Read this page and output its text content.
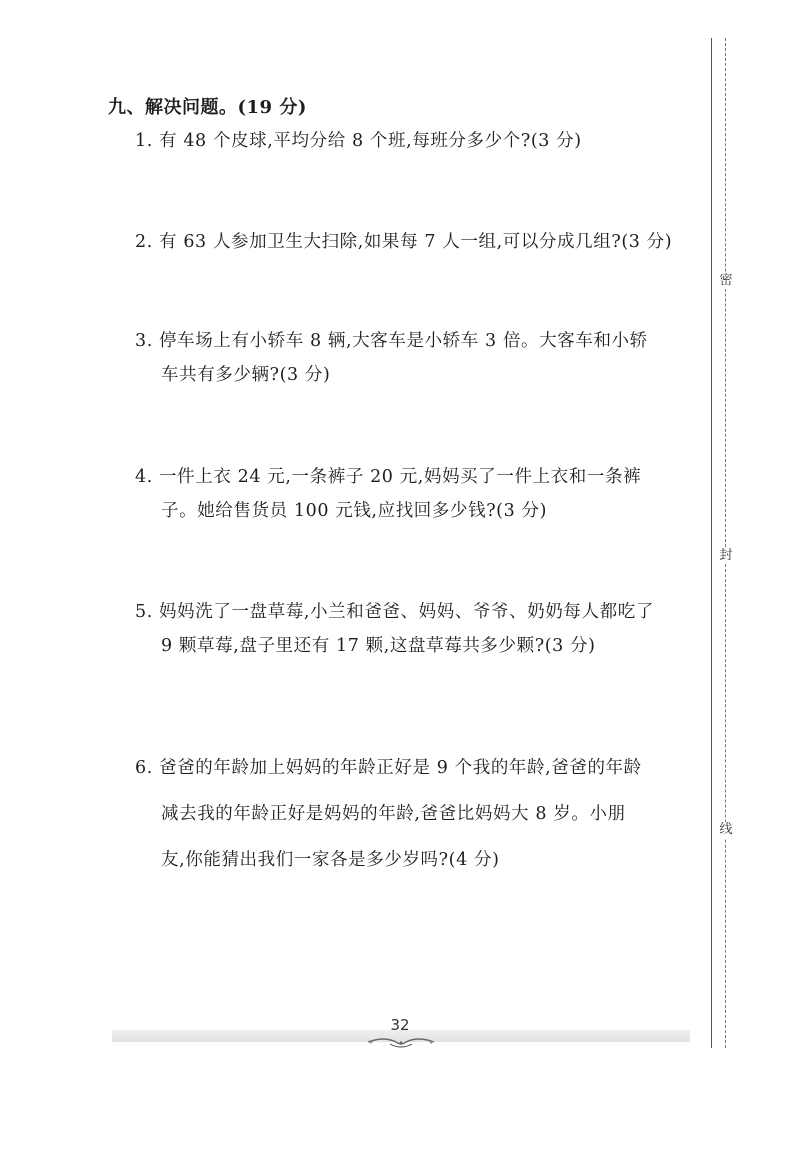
九、解决问题。(19 分)
1. 有 48 个皮球,平均分给 8 个班,每班分多少个?(3 分)
2. 有 63 人参加卫生大扫除,如果每 7 人一组,可以分成几组?(3 分)
3. 停车场上有小轿车 8 辆,大客车是小轿车 3 倍。大客车和小轿
车共有多少辆?(3 分)
4. 一件上衣 24 元,一条裤子 20 元,妈妈买了一件上衣和一条裤
子。她给售货员 100 元钱,应找回多少钱?(3 分)
5. 妈妈洗了一盘草莓,小兰和爸爸、妈妈、爷爷、奶奶每人都吃了
9 颗草莓,盘子里还有 17 颗,这盘草莓共多少颗?(3 分)
6. 爸爸的年龄加上妈妈的年龄正好是 9 个我的年龄,爸爸的年龄
减去我的年龄正好是妈妈的年龄,爸爸比妈妈大 8 岁。小朋
友,你能猜出我们一家各是多少岁吗?(4 分)
密
封
线
32
